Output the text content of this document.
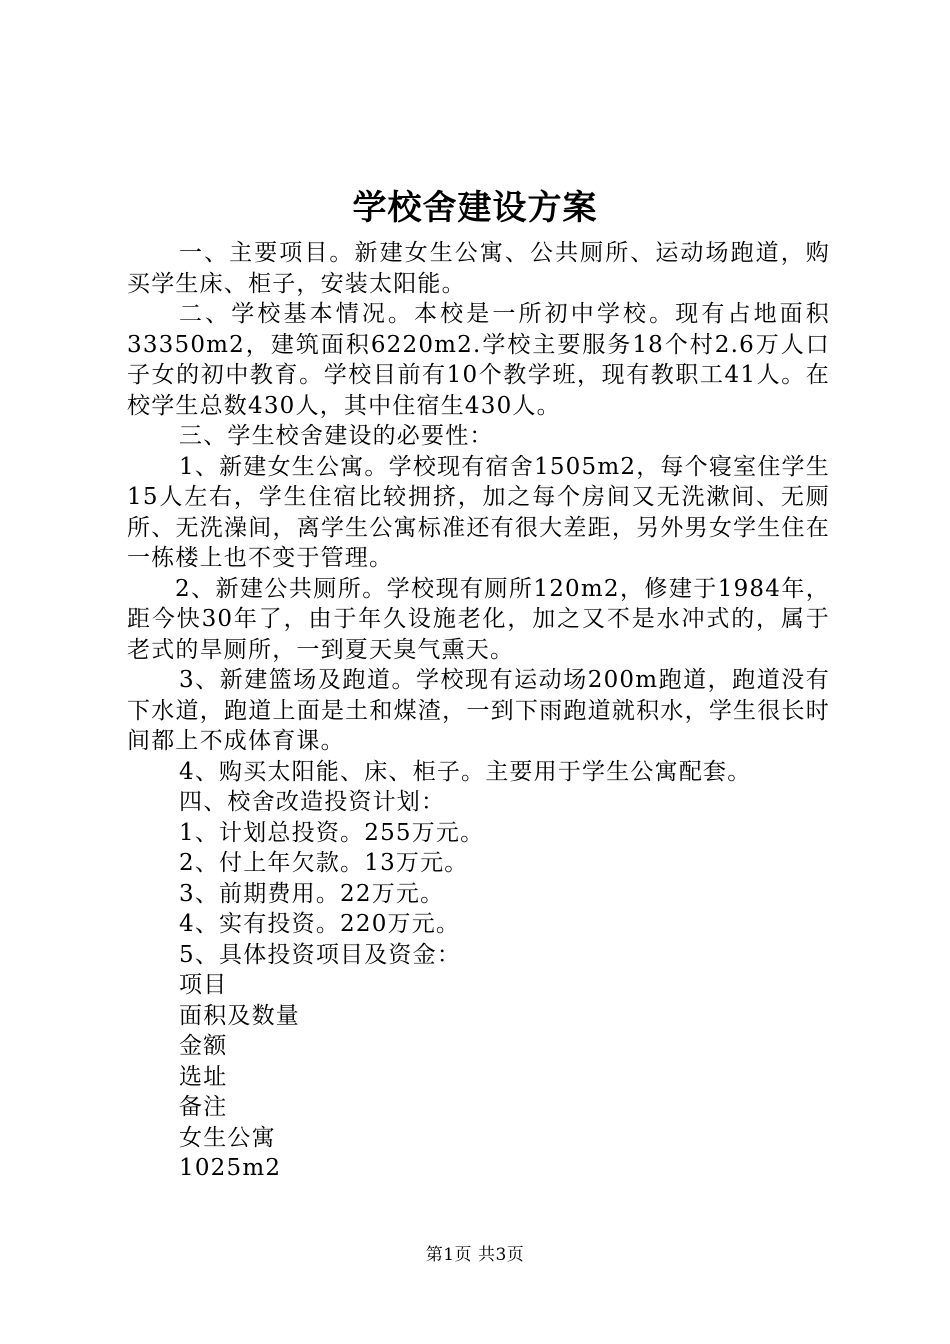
学校舍建设方案

一、主要项目。新建女生公寓、公共厕所、运动场跑道，购买学生床、柜子，安装太阳能。

二、学校基本情况。本校是一所初中学校。现有占地面积33350m2，建筑面积6220m2.学校主要服务18个村2.6万人口子女的初中教育。学校目前有10个教学班，现有教职工41人。在校学生总数430人，其中住宿生430人。

三、学生校舍建设的必要性：

1、新建女生公寓。学校现有宿舍1505m2，每个寝室住学生15人左右，学生住宿比较拥挤，加之每个房间又无洗漱间、无厕所、无洗澡间，离学生公寓标准还有很大差距，另外男女学生住在一栋楼上也不变于管理。

2、新建公共厕所。学校现有厕所120m2，修建于1984年，距今快30年了，由于年久设施老化，加之又不是水冲式的，属于老式的旱厕所，一到夏天臭气熏天。

3、新建篮场及跑道。学校现有运动场200m跑道，跑道没有下水道，跑道上面是土和煤渣，一到下雨跑道就积水，学生很长时间都上不成体育课。

4、购买太阳能、床、柜子。主要用于学生公寓配套。

四、校舍改造投资计划：

1、计划总投资。255万元。

2、付上年欠款。13万元。

3、前期费用。22万元。

4、实有投资。220万元。

5、具体投资项目及资金：

项目

面积及数量

金额

选址

备注

女生公寓

1025m2

第1页 共3页
